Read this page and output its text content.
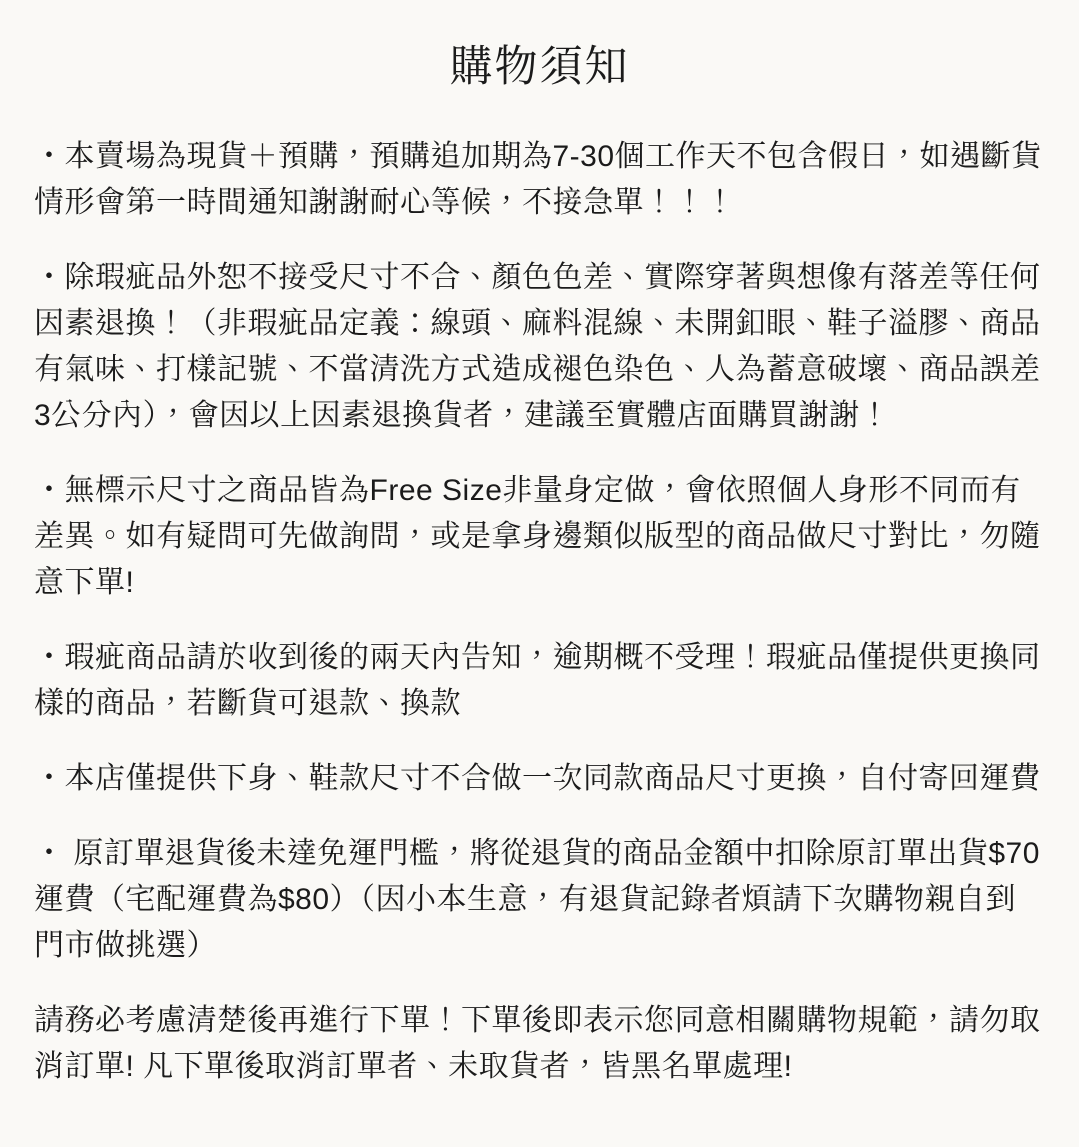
購物須知

・本賣場為現貨＋預購，預購追加期為7-30個工作天不包含假日，如遇斷貨情形會第一時間通知謝謝耐心等候，不接急單！！！

・除瑕疵品外恕不接受尺寸不合、顏色色差、實際穿著與想像有落差等任何因素退換！（非瑕疵品定義：線頭、麻料混線、未開釦眼、鞋子溢膠、商品有氣味、打樣記號、不當清洗方式造成褪色染色、人為蓄意破壞、商品誤差3公分內），會因以上因素退換貨者，建議至實體店面購買謝謝！

・無標示尺寸之商品皆為Free Size非量身定做，會依照個人身形不同而有差異。如有疑問可先做詢問，或是拿身邊類似版型的商品做尺寸對比，勿隨意下單!

・瑕疵商品請於收到後的兩天內告知，逾期概不受理！瑕疵品僅提供更換同樣的商品，若斷貨可退款、換款

・本店僅提供下身、鞋款尺寸不合做一次同款商品尺寸更換，自付寄回運費

・ 原訂單退貨後未達免運門檻，將從退貨的商品金額中扣除原訂單出貨$70運費（宅配運費為$80）（因小本生意，有退貨記錄者煩請下次購物親自到門市做挑選）

請務必考慮清楚後再進行下單！下單後即表示您同意相關購物規範，請勿取消訂單! 凡下單後取消訂單者、未取貨者，皆黑名單處理!
